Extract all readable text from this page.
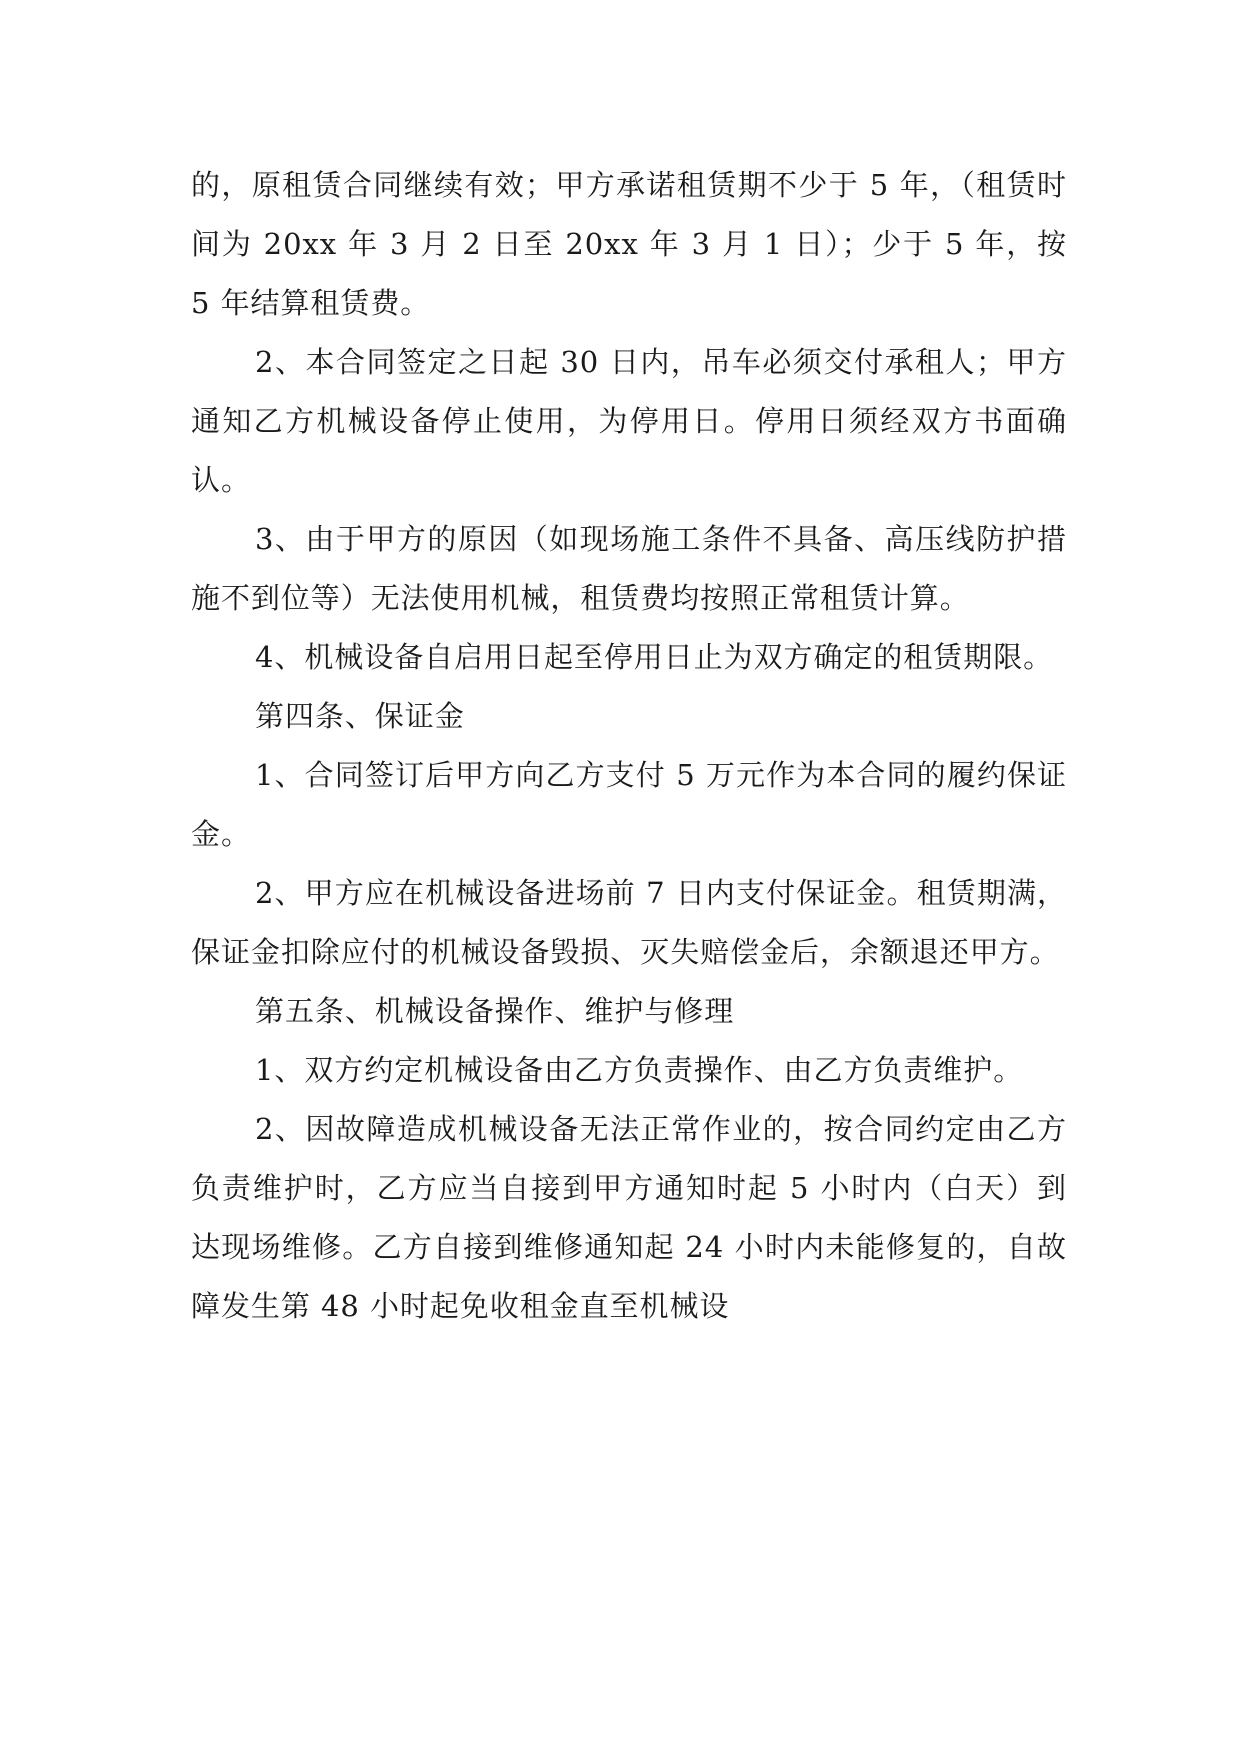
的，原租赁合同继续有效；甲方承诺租赁期不少于 5 年，（租赁时间为 20xx 年 3 月 2 日至 20xx 年 3 月 1 日）；少于 5 年，按 5 年结算租赁费。

2、本合同签定之日起 30 日内，吊车必须交付承租人；甲方通知乙方机械设备停止使用，为停用日。停用日须经双方书面确认。

3、由于甲方的原因（如现场施工条件不具备、高压线防护措施不到位等）无法使用机械，租赁费均按照正常租赁计算。

4、机械设备自启用日起至停用日止为双方确定的租赁期限。

第四条、保证金

1、合同签订后甲方向乙方支付 5 万元作为本合同的履约保证金。

2、甲方应在机械设备进场前 7 日内支付保证金。租赁期满，保证金扣除应付的机械设备毁损、灭失赔偿金后，余额退还甲方。

第五条、机械设备操作、维护与修理

1、双方约定机械设备由乙方负责操作、由乙方负责维护。

2、因故障造成机械设备无法正常作业的，按合同约定由乙方负责维护时，乙方应当自接到甲方通知时起 5 小时内（白天）到达现场维修。乙方自接到维修通知起 24 小时内未能修复的，自故障发生第 48 小时起免收租金直至机械设
